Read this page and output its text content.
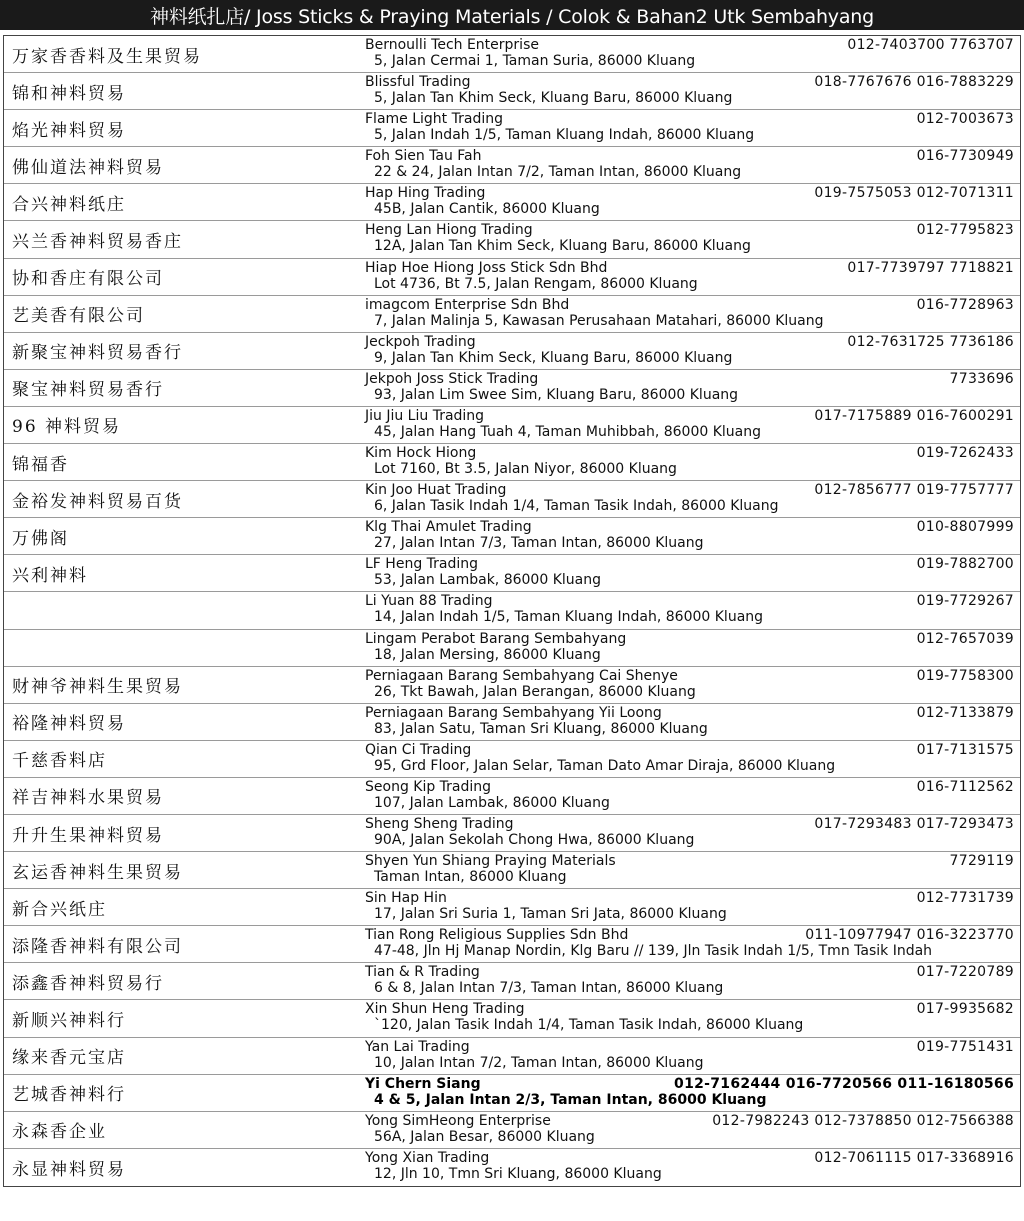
神料纸扎店/ Joss Sticks & Praying Materials / Colok & Bahan2 Utk Sembahyang
万家香香料及生果贸易
Bernoulli Tech Enterprise
5, Jalan Cermai 1, Taman Suria, 86000 Kluang
012-7403700 7763707
锦和神料贸易
Blissful Trading
5, Jalan Tan Khim Seck, Kluang Baru, 86000 Kluang
018-7767676 016-7883229
焰光神料贸易
Flame Light Trading
5, Jalan Indah 1/5, Taman Kluang Indah, 86000 Kluang
012-7003673
佛仙道法神料贸易
Foh Sien Tau Fah
22 & 24, Jalan Intan 7/2, Taman Intan, 86000 Kluang
016-7730949
合兴神料纸庄
Hap Hing Trading
45B, Jalan Cantik, 86000 Kluang
019-7575053 012-7071311
兴兰香神料贸易香庄
Heng Lan Hiong Trading
12A, Jalan Tan Khim Seck, Kluang Baru, 86000 Kluang
012-7795823
协和香庄有限公司
Hiap Hoe Hiong Joss Stick Sdn Bhd
Lot 4736, Bt 7.5, Jalan Rengam, 86000 Kluang
017-7739797 7718821
艺美香有限公司
imagcom Enterprise Sdn Bhd
7, Jalan Malinja 5, Kawasan Perusahaan Matahari, 86000 Kluang
016-7728963
新聚宝神料贸易香行
Jeckpoh Trading
9, Jalan Tan Khim Seck, Kluang Baru, 86000 Kluang
012-7631725 7736186
聚宝神料贸易香行
Jekpoh Joss Stick Trading
93, Jalan Lim Swee Sim, Kluang Baru, 86000 Kluang
7733696
96 神料贸易
Jiu Jiu Liu Trading
45, Jalan Hang Tuah 4, Taman Muhibbah, 86000 Kluang
017-7175889 016-7600291
锦福香
Kim Hock Hiong
Lot 7160, Bt 3.5, Jalan Niyor, 86000 Kluang
019-7262433
金裕发神料贸易百货
Kin Joo Huat Trading
6, Jalan Tasik Indah 1/4, Taman Tasik Indah, 86000 Kluang
012-7856777 019-7757777
万佛阁
Klg Thai Amulet Trading
27, Jalan Intan 7/3, Taman Intan, 86000 Kluang
010-8807999
兴利神料
LF Heng Trading
53, Jalan Lambak, 86000 Kluang
019-7882700
Li Yuan 88 Trading
14, Jalan Indah 1/5, Taman Kluang Indah, 86000 Kluang
019-7729267
Lingam Perabot Barang Sembahyang
18, Jalan Mersing, 86000 Kluang
012-7657039
财神爷神料生果贸易
Perniagaan Barang Sembahyang Cai Shenye
26, Tkt Bawah, Jalan Berangan, 86000 Kluang
019-7758300
裕隆神料贸易
Perniagaan Barang Sembahyang Yii Loong
83, Jalan Satu, Taman Sri Kluang, 86000 Kluang
012-7133879
千慈香料店
Qian Ci Trading
95, Grd Floor, Jalan Selar, Taman Dato Amar Diraja, 86000 Kluang
017-7131575
祥吉神料水果贸易
Seong Kip Trading
107, Jalan Lambak, 86000 Kluang
016-7112562
升升生果神料贸易
Sheng Sheng Trading
90A, Jalan Sekolah Chong Hwa, 86000 Kluang
017-7293483 017-7293473
玄运香神料生果贸易
Shyen Yun Shiang Praying Materials
Taman Intan, 86000 Kluang
7729119
新合兴纸庄
Sin Hap Hin
17, Jalan Sri Suria 1, Taman Sri Jata, 86000 Kluang
012-7731739
添隆香神料有限公司
Tian Rong Religious Supplies Sdn Bhd
47-48, Jln Hj Manap Nordin, Klg Baru // 139, Jln Tasik Indah 1/5, Tmn Tasik Indah
011-10977947 016-3223770
添鑫香神料贸易行
Tian & R Trading
6 & 8, Jalan Intan 7/3, Taman Intan, 86000 Kluang
017-7220789
新顺兴神料行
Xin Shun Heng Trading
`120, Jalan Tasik Indah 1/4, Taman Tasik Indah, 86000 Kluang
017-9935682
缘来香元宝店
Yan Lai Trading
10, Jalan Intan 7/2, Taman Intan, 86000 Kluang
019-7751431
艺城香神料行
Yi Chern Siang
4 & 5, Jalan Intan 2/3, Taman Intan, 86000 Kluang
012-7162444 016-7720566 011-16180566
永森香企业
Yong SimHeong Enterprise
56A, Jalan Besar, 86000 Kluang
012-7982243 012-7378850 012-7566388
永显神料贸易
Yong Xian Trading
12, Jln 10, Tmn Sri Kluang, 86000 Kluang
012-7061115 017-3368916
